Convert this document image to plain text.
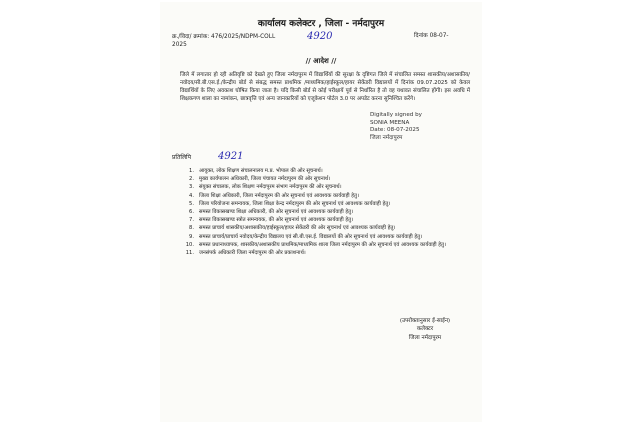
कार्यालय कलेक्टर , जिला - नर्मदापुरम
क्र./विदा/ क्रमांक: 476/2025/NDPM-COLL
2025
4920	दिनांक 08-07-
// आदेश //
जिले में लगातार हो रही अतिवृष्टि को देखते हुए जिला नर्मदापुरम में विद्यार्थियों की सुरक्षा के दृष्टिगत जिले में संचालित समस्त शासकीय/अशासकीय/नवोदय/सी.बी.एस.ई./केन्द्रीय बोर्ड से संबद्ध समस्त प्राथमिक /माध्यमिक/हाईस्कूल/हायर सेकेंडरी विद्यालयों में दिनांक 09.07.2025 को केवल विद्यार्थियों के लिए अवकाश घोषित किया जाता है। यदि किसी बोर्ड से कोई परीक्षायें पूर्व से निर्धारित है तो वह यथावत संचालित होंगी। इस अवधि में शिक्षकगण शाला का नामांकन, छात्रवृत्ति एवं अन्य जानकारियों को एजूकेशन पोर्टल 3.0 पर अपडेट करना सुनिश्चित करेंगे।
Digitally signed by
SONIA MEENA
Date: 08-07-2025
जिला नर्मदापुरम
प्रतिलिपि	4921
1. आयुक्त, लोक शिक्षण संचालनालय म.प्र. भोपाल की ओर सूचनार्थ।
2. मुख्य कार्यपालन अधिकारी, जिला पंचायत नर्मदापुरम की ओर सूचनार्थ।
3. संयुक्त संचालक, लोक शिक्षण नर्मदापुरम संभाग नर्मदापुरम की ओर सूचनार्थ।
4. जिला शिक्षा अधिकारी, जिला नर्मदापुरम की ओर सूचनार्थ एवं आवश्यक कार्यवाही हेतु।
5. जिला परियोजना समन्वयक, जिला शिक्षा केन्द्र नर्मदापुरम की ओर सूचनार्थ एवं आवश्यक कार्यवाही हेतु।
6. समस्त विकासखण्ड शिक्षा अधिकारी, की ओर सूचनार्थ एवं आवश्यक कार्यवाही हेतु।
7. समस्त विकासखण्ड स्त्रोत समन्वयक, की ओर सूचनार्थ एवं आवश्यक कार्यवाही हेतु।
8. समस्त प्राचार्य शासकीय/अशासकीय/हाईस्कूल/हायर सेकेंडरी की ओर सूचनार्थ एवं आवश्यक कार्यवाही हेतु।
9. समस्त प्राचार्य/प्राचार्य नवोदय/केन्द्रीय विद्यालय एवं सी.बी.एस.ई. विद्यालयों की ओर सूचनार्थ एवं आवश्यक कार्यवाही हेतु।
10. समस्त प्रधानाध्यापक, शासकीय/अशासकीय प्राथमिक/माध्यमिक शाला जिला नर्मदापुरम की ओर सूचनार्थ एवं आवश्यक कार्यवाही हेतु।
11. जनसंपर्क अधिकारी जिला नर्मदापुरम की ओर प्रकाशनार्थ।
(उपरोक्तानुसार ई-साईन)
कलेक्टर
जिला नर्मदापुरम
